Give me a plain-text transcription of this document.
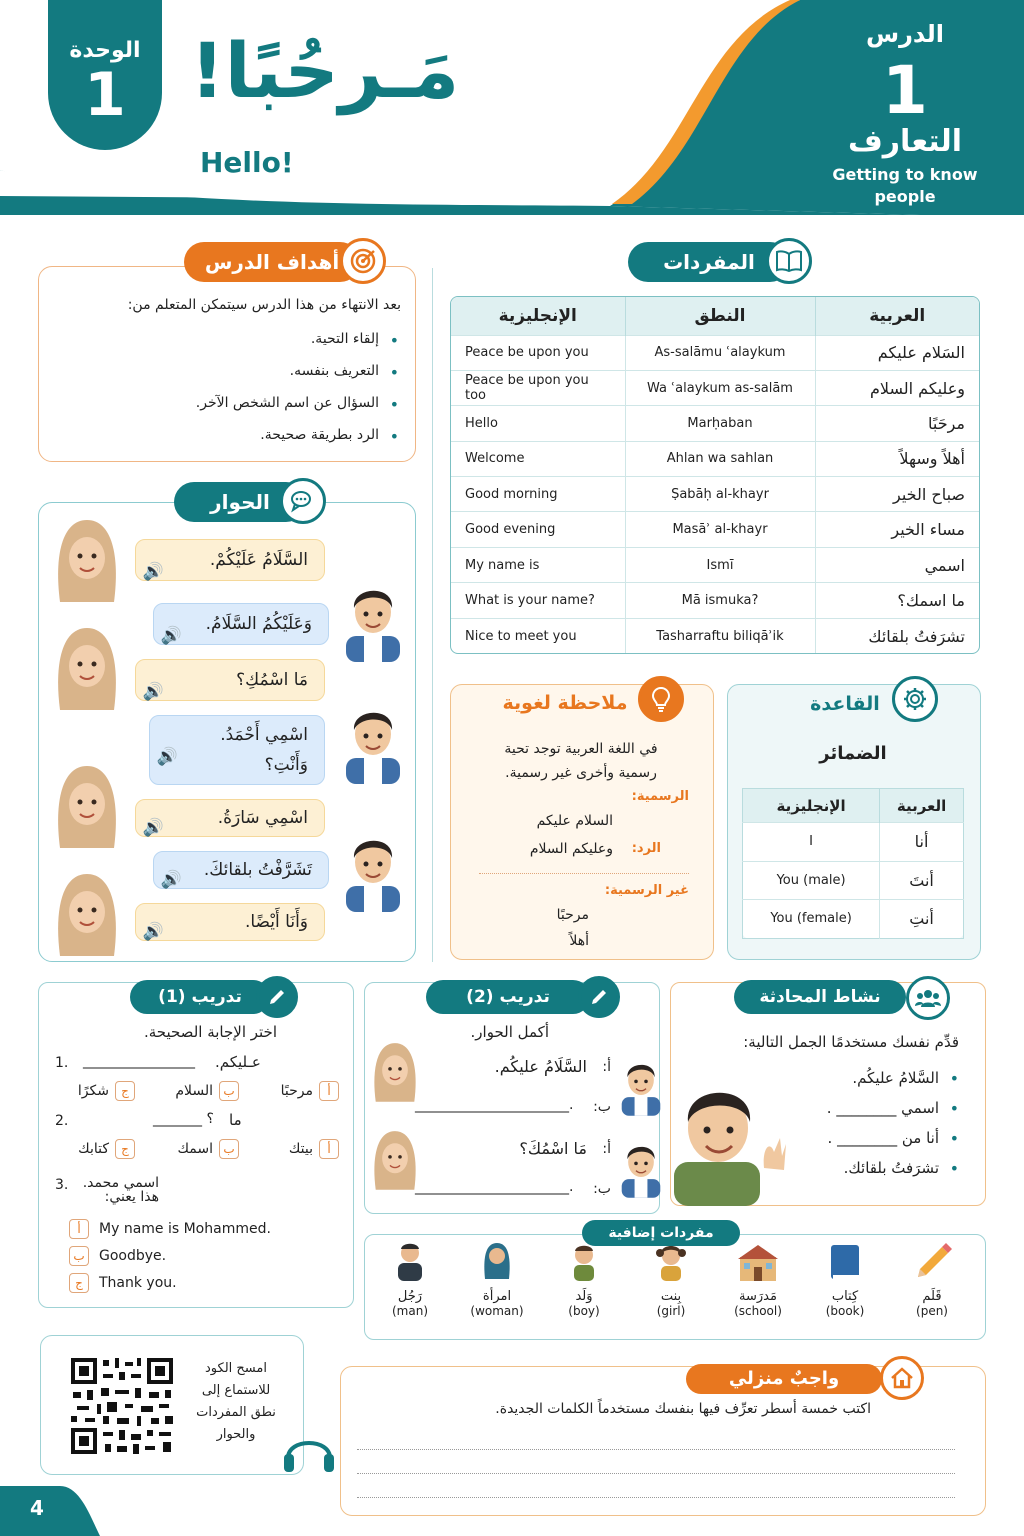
الوحدة
1 مَـرحُبًا!
Hello!
الدرس
1
التعارف
Getting to know people
بعد الانتهاء من هذا الدرس سيتمكن المتعلم من:
• إلقاء التحية.
• التعريف بنفسه.
• السؤال عن اسم الشخص الآخر.
• الرد بطريقة صحيحة.
أهداف الدرس	المفردات
الإنجليزية	النطق	العربية
Peace be upon you	As-salāmu ʿalaykum	السَلام عليكم
Peace be upon you too	Wa ʿalaykum as-salām	وعليكم السلام
Hello	Marḥaban	مرحَبًا
Welcome	Ahlan wa sahlan	أهلاً وسهلاً
Good morning	Ṣabāḥ al-khayr	صباح الخير
Good evening	Masāʾ al-khayr	مساء الخير
My name is	Ismī	اسمي
What is your name?	Mā ismuka?	ما اسمك؟
Nice to meet you	Tasharraftu biliqāʾik	تشرَفتُ بلقائك
السَّلَامُ عَلَيْكُمْ.
🔊
وَعَلَيْكُمُ السَّلَامُ.
🔊
مَا اسْمُكِ؟
🔊
اسْمِي أَحْمَدُ.
وَأَنْتِ؟
🔊
اسْمِي سَارَةُ.
🔊
تَشَرَّفْتُ بلقائكَ.
🔊
وَأَنَا أَيْضًا.
🔊
الحوار
في اللغة العربية توجد تحية
رسمية وأخرى غير رسمية.
الرسمية:
السلام عليكم
الرد:
وعليكم السلام
غير الرسمية:
مرحبًا
أهلاً
ملاحظة لغوية	القاعدة
الضمائر
الإنجليزية	العربية
I	أنا
You (male)	أنتَ
You (female)	أنتِ
اختر الإجابة الصحيحة.
1. ________________ عـليكم.
أمرحبًا
بالسلام
جشكرًا
2.	_______ ؟ ما
أبيتك
باسمك
جكتابك
3. اسمي محمد.
هذا يعني:
أ My name is Mohammed.
ب Goodbye.
ج Thank you.
تدريب (1)
أكمل الحوار.
أ:
السَّلَامُ عليكُم.
ب:
______________________.
أ:
مَا اسْمُكَ؟
ب:
______________________.
تدريب (2)
قدِّم نفسك مستخدمًا الجمل التالية:
• السَّلامُ عليكُم.
• اسمي ________ .
• أنا من ________ .
• تشرَفتُ بلقائك.
نشاط المحادثة
رَجُل
(man)
امرأة
(woman)
وَلَد
(boy)
بِنت
(girl)
مَدرَسة
(school)
كِتاب
(book)
قَلَم
(pen)
مفردات إضافية
امسح الكود
للاستماع إلى
نطق المفردات
والحوار
اكتب خمسة أسطر تعرِّف فيها بنفسك مستخدماً الكلمات الجديدة.
واجبٌ منزلي
4
